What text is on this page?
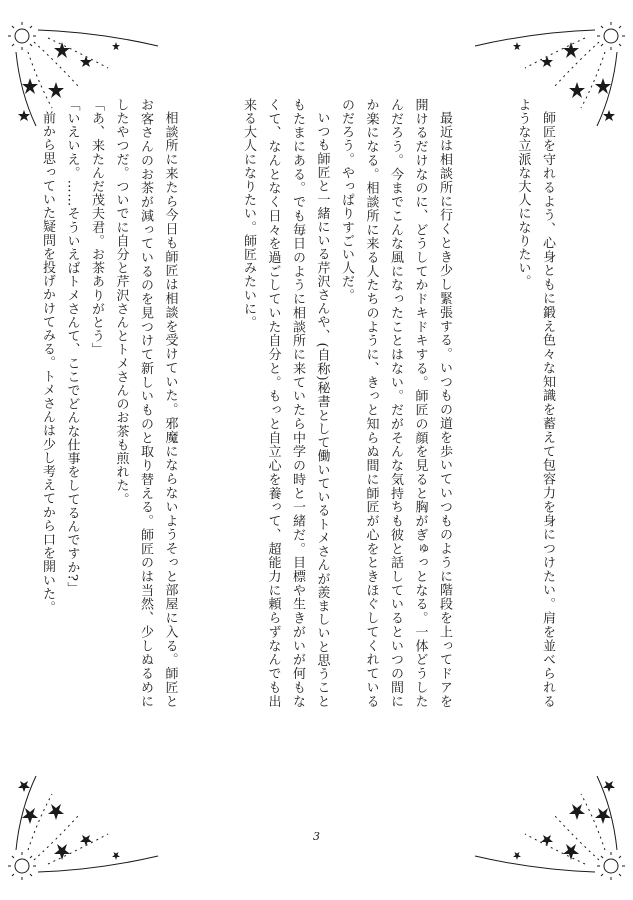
師匠を守れるよう、心身ともに鍛え色々な知識を蓄えて包容力を身につけたい。肩を並べられるような立派な大人になりたい。

最近は相談所に行くとき少し緊張する。いつもの道を歩いていつものように階段を上ってドアを開けるだけなのに、どうしてかドキドキする。師匠の顔を見ると胸がぎゅっとなる。一体どうしたんだろう。今までこんな風になったことはない。だがそんな気持ちも彼と話しているといつの間にか楽になる。相談所に来る人たちのように、きっと知らぬ間に師匠が心をときほぐしてくれているのだろう。やっぱりすごい人だ。

いつも師匠と一緒にいる芹沢さんや、(自称)秘書として働いているトメさんが羨ましいと思うこともたまにある。でも毎日のように相談所に来ていたら中学の時と一緒だ。目標や生きがいが何もなくて、なんとなく日々を過ごしていた自分と。もっと自立心を養って、超能力に頼らずなんでも出来る大人になりたい。師匠みたいに。

相談所に来たら今日も師匠は相談を受けていた。邪魔にならないようそっと部屋に入る。師匠とお客さんのお茶が減っているのを見つけて新しいものと取り替える。師匠のは当然、少しぬるめにしたやつだ。ついでに自分と芹沢さんとトメさんのお茶も煎れた。

「あ、来たんだ茂夫君。お茶ありがとう」

「いえいえ。……そういえばトメさんて、ここでどんな仕事をしてるんですか?」

前から思っていた疑問を投げかけてみる。トメさんは少し考えてから口を開いた。

3
